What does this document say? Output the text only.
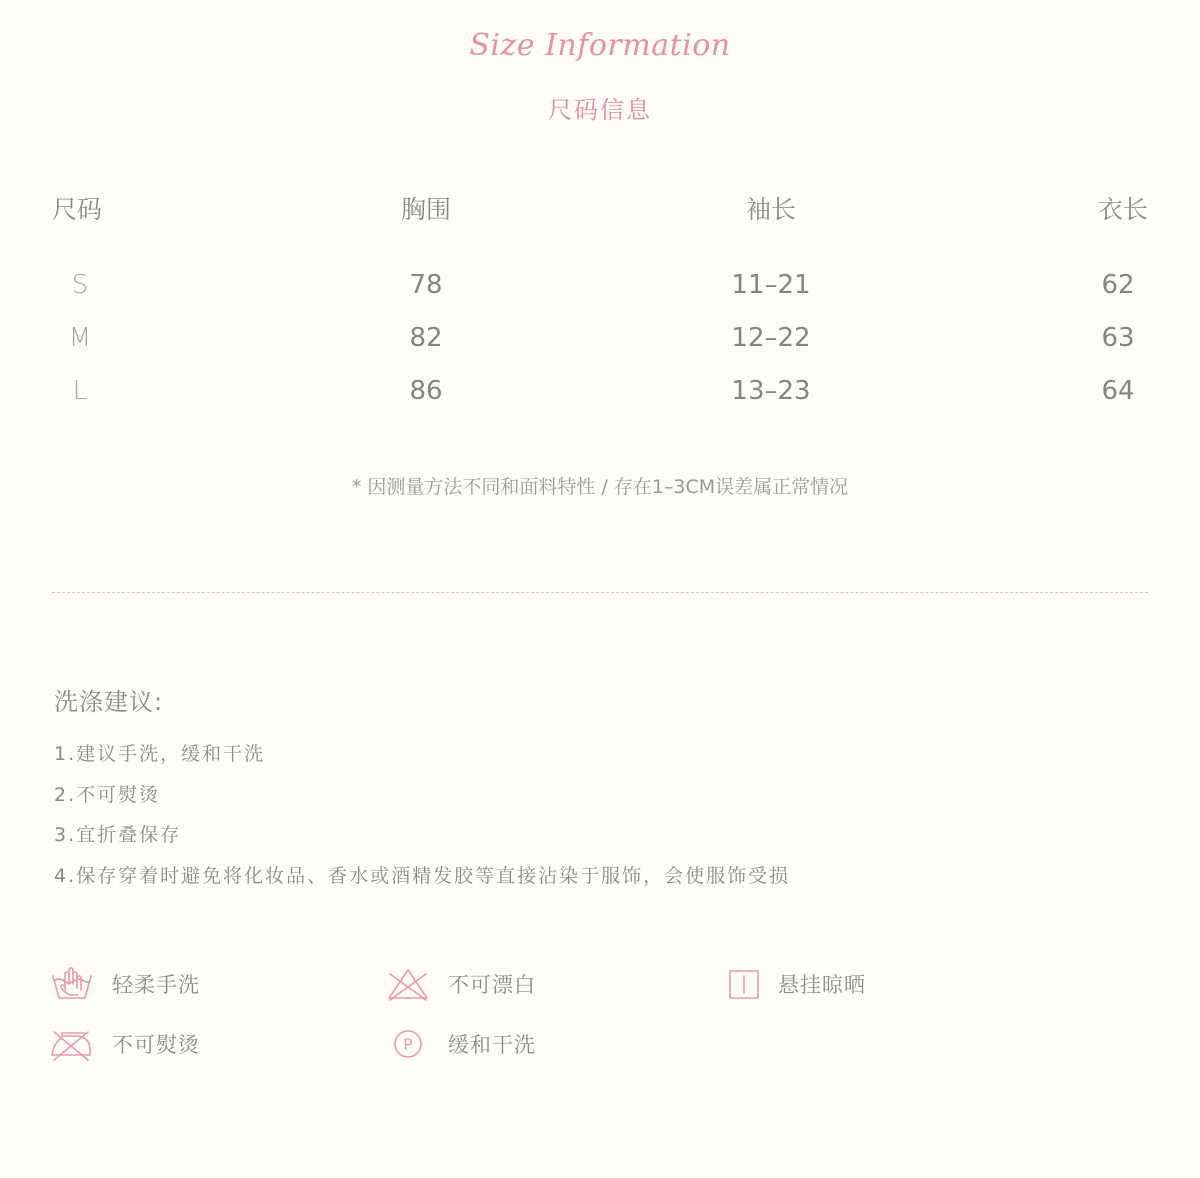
Size Information
尺码信息
尺码	胸围	袖长	衣长
S	78	11–21	62
M	82	12–22	63
L	86	13–23	64
* 因测量方法不同和面料特性 / 存在1–3CM误差属正常情况
洗涤建议:
1.建议手洗，缓和干洗
2.不可熨烫
3.宜折叠保存
4.保存穿着时避免将化妆品、香水或酒精发胶等直接沾染于服饰，会使服饰受损
轻柔手洗	不可漂白	悬挂晾晒
不可熨烫	P 缓和干洗
